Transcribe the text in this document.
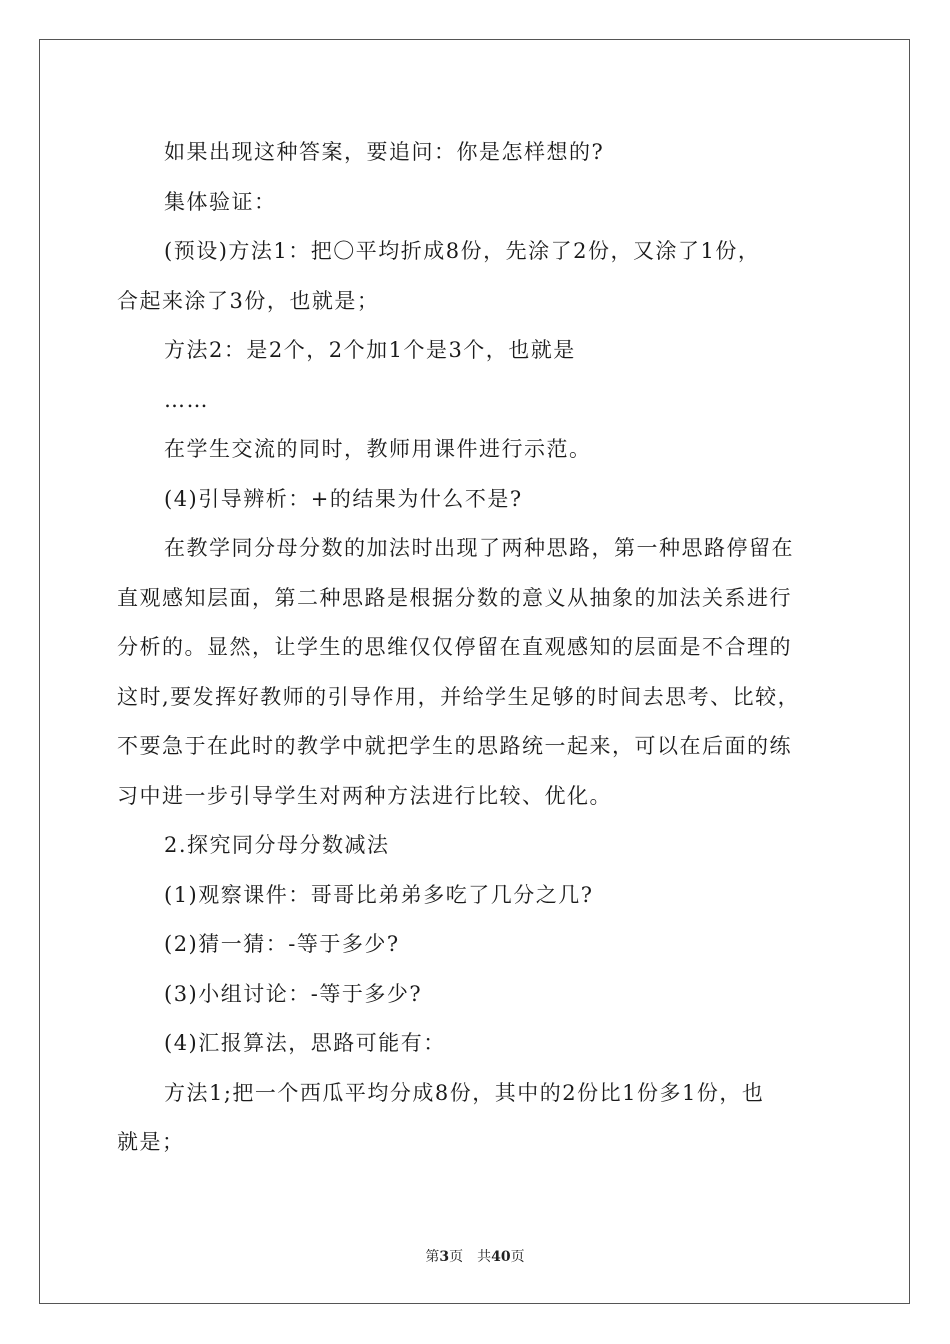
如果出现这种答案，要追问：你是怎样想的?

集体验证：

(预设)方法1：把〇平均折成8份，先涂了2份，又涂了1份，

合起来涂了3份，也就是；

方法2：是2个，2个加1个是3个，也就是

……

在学生交流的同时，教师用课件进行示范。

(4)引导辨析：+的结果为什么不是?

在教学同分母分数的加法时出现了两种思路，第一种思路停留在

直观感知层面，第二种思路是根据分数的意义从抽象的加法关系进行

分析的。显然，让学生的思维仅仅停留在直观感知的层面是不合理的

这时,要发挥好教师的引导作用，并给学生足够的时间去思考、比较，

不要急于在此时的教学中就把学生的思路统一起来，可以在后面的练

习中进一步引导学生对两种方法进行比较、优化。

2.探究同分母分数减法

(1)观察课件：哥哥比弟弟多吃了几分之几?

(2)猜一猜：-等于多少?

(3)小组讨论：-等于多少?

(4)汇报算法，思路可能有：

方法1;把一个西瓜平均分成8份，其中的2份比1份多1份，也

就是；

第3页 共40页
